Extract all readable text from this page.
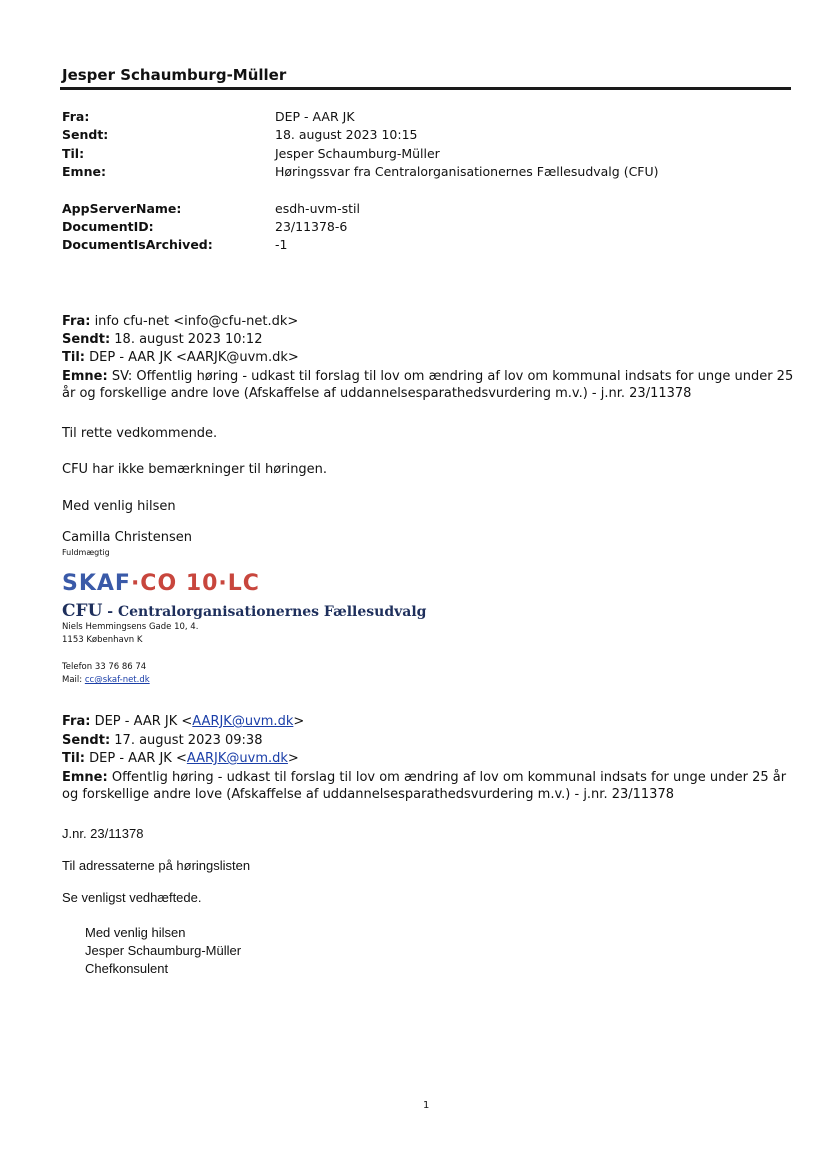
Jesper Schaumburg-Müller
Fra:	DEP - AAR JK
Sendt:	18. august 2023 10:15
Til:	Jesper Schaumburg-Müller
Emne:	Høringssvar fra Centralorganisationernes Fællesudvalg (CFU)
AppServerName:	esdh-uvm-stil
DocumentID:	23/11378-6
DocumentIsArchived:	-1
Fra: info cfu-net <info@cfu-net.dk>
Sendt: 18. august 2023 10:12
Til: DEP - AAR JK <AARJK@uvm.dk>
Emne: SV: Offentlig høring - udkast til forslag til lov om ændring af lov om kommunal indsats for unge under 25 år og forskellige andre love (Afskaffelse af uddannelsesparathedsvurdering m.v.) - j.nr. 23/11378
Til rette vedkommende.
CFU har ikke bemærkninger til høringen.
Med venlig hilsen
Camilla Christensen
Fuldmægtig
SKAF·CO 10·LC
CFU - Centralorganisationernes Fællesudvalg
Niels Hemmingsens Gade 10, 4.
1153 København K
Telefon 33 76 86 74
Mail: cc@skaf-net.dk
Fra: DEP - AAR JK <AARJK@uvm.dk>
Sendt: 17. august 2023 09:38
Til: DEP - AAR JK <AARJK@uvm.dk>
Emne: Offentlig høring - udkast til forslag til lov om ændring af lov om kommunal indsats for unge under 25 år og forskellige andre love (Afskaffelse af uddannelsesparathedsvurdering m.v.) - j.nr. 23/11378
J.nr. 23/11378
Til adressaterne på høringslisten
Se venligst vedhæftede.
Med venlig hilsen
Jesper Schaumburg-Müller
Chefkonsulent
1
